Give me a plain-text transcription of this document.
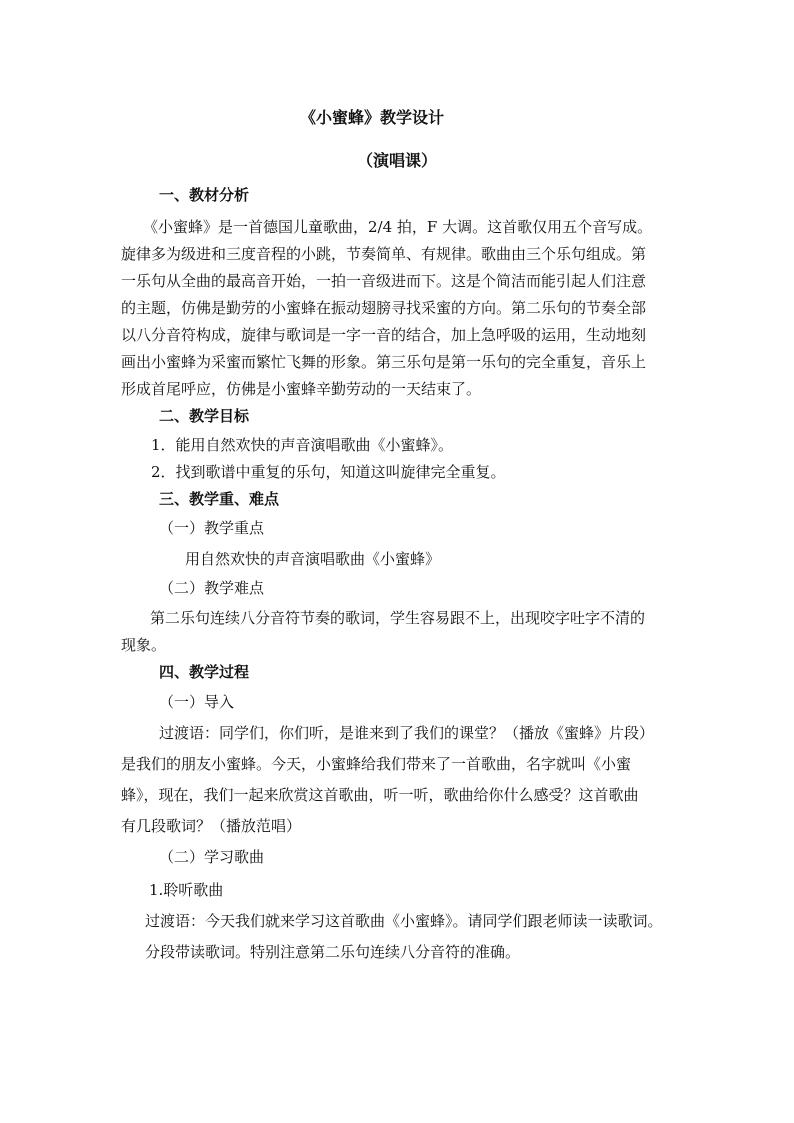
《小蜜蜂》教学设计
（演唱课）
一、教材分析
《小蜜蜂》是一首德国儿童歌曲，2/4 拍，F 大调。这首歌仅用五个音写成。
旋律多为级进和三度音程的小跳，节奏简单、有规律。歌曲由三个乐句组成。第
一乐句从全曲的最高音开始，一拍一音级进而下。这是个简洁而能引起人们注意
的主题，仿佛是勤劳的小蜜蜂在振动翅膀寻找采蜜的方向。第二乐句的节奏全部
以八分音符构成，旋律与歌词是一字一音的结合，加上急呼吸的运用，生动地刻
画出小蜜蜂为采蜜而繁忙飞舞的形象。第三乐句是第一乐句的完全重复，音乐上
形成首尾呼应，仿佛是小蜜蜂辛勤劳动的一天结束了。
二、教学目标
1．能用自然欢快的声音演唱歌曲《小蜜蜂》。
2．找到歌谱中重复的乐句，知道这叫旋律完全重复。
三、教学重、难点
（一）教学重点
用自然欢快的声音演唱歌曲《小蜜蜂》
（二）教学难点
第二乐句连续八分音符节奏的歌词，学生容易跟不上，出现咬字吐字不清的
现象。
四、教学过程
（一）导入
过渡语：同学们，你们听，是谁来到了我们的课堂？（播放《蜜蜂》片段）
是我们的朋友小蜜蜂。今天，小蜜蜂给我们带来了一首歌曲，名字就叫《小蜜
蜂》，现在，我们一起来欣赏这首歌曲，听一听，歌曲给你什么感受？这首歌曲
有几段歌词？（播放范唱）
（二）学习歌曲
1.聆听歌曲
过渡语：今天我们就来学习这首歌曲《小蜜蜂》。请同学们跟老师读一读歌词。
分段带读歌词。特别注意第二乐句连续八分音符的准确。
